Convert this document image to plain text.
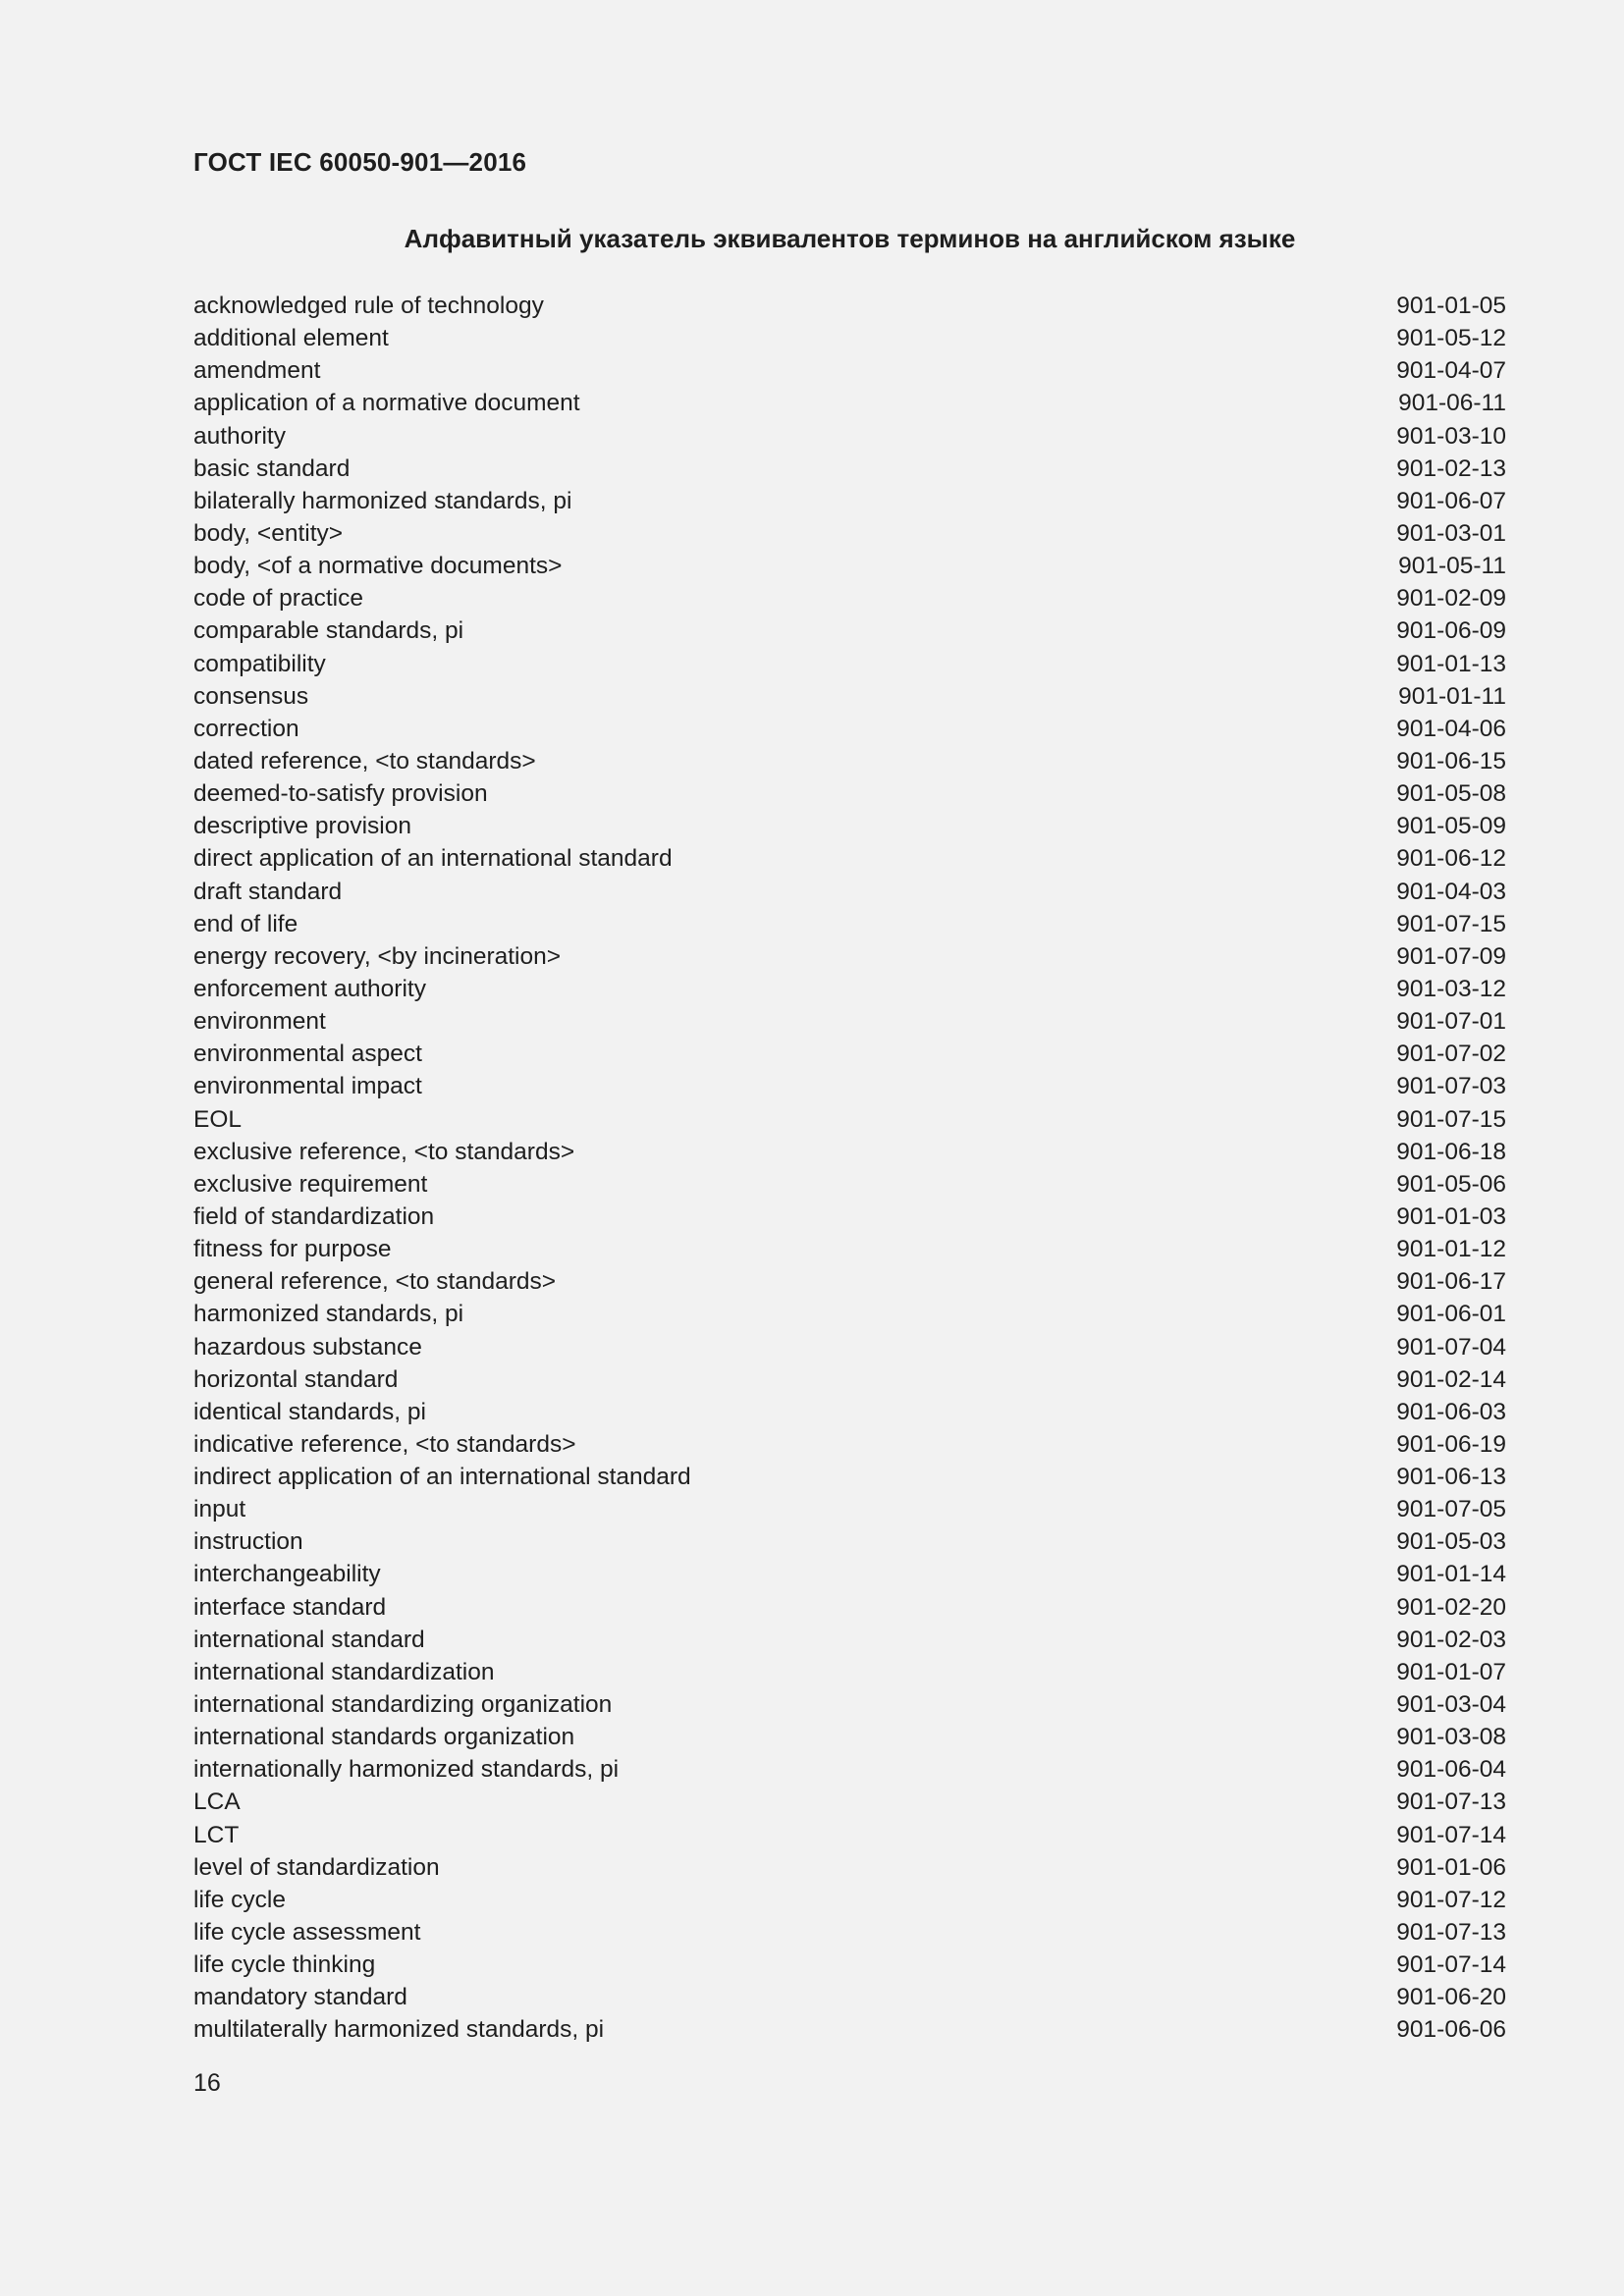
ГОСТ IEC 60050-901—2016
Алфавитный указатель эквивалентов терминов на английском языке
acknowledged rule of technology	901-01-05
additional element	901-05-12
amendment	901-04-07
application of a normative document	901-06-11
authority	901-03-10
basic standard	901-02-13
bilaterally harmonized standards, pi	901-06-07
body, <entity>	901-03-01
body, <of a normative documents>	901-05-11
code of practice	901-02-09
comparable standards, pi	901-06-09
compatibility	901-01-13
consensus	901-01-11
correction	901-04-06
dated reference, <to standards>	901-06-15
deemed-to-satisfy provision	901-05-08
descriptive provision	901-05-09
direct application of an international standard	901-06-12
draft standard	901-04-03
end of life	901-07-15
energy recovery, <by incineration>	901-07-09
enforcement authority	901-03-12
environment	901-07-01
environmental aspect	901-07-02
environmental impact	901-07-03
EOL	901-07-15
exclusive reference, <to standards>	901-06-18
exclusive requirement	901-05-06
field of standardization	901-01-03
fitness for purpose	901-01-12
general reference, <to standards>	901-06-17
harmonized standards, pi	901-06-01
hazardous substance	901-07-04
horizontal standard	901-02-14
identical standards, pi	901-06-03
indicative reference, <to standards>	901-06-19
indirect application of an international standard	901-06-13
input	901-07-05
instruction	901-05-03
interchangeability	901-01-14
interface standard	901-02-20
international standard	901-02-03
international standardization	901-01-07
international standardizing organization	901-03-04
international standards organization	901-03-08
internationally harmonized standards, pi	901-06-04
LCA	901-07-13
LCT	901-07-14
level of standardization	901-01-06
life cycle	901-07-12
life cycle assessment	901-07-13
life cycle thinking	901-07-14
mandatory standard	901-06-20
multilaterally harmonized standards, pi	901-06-06
16
